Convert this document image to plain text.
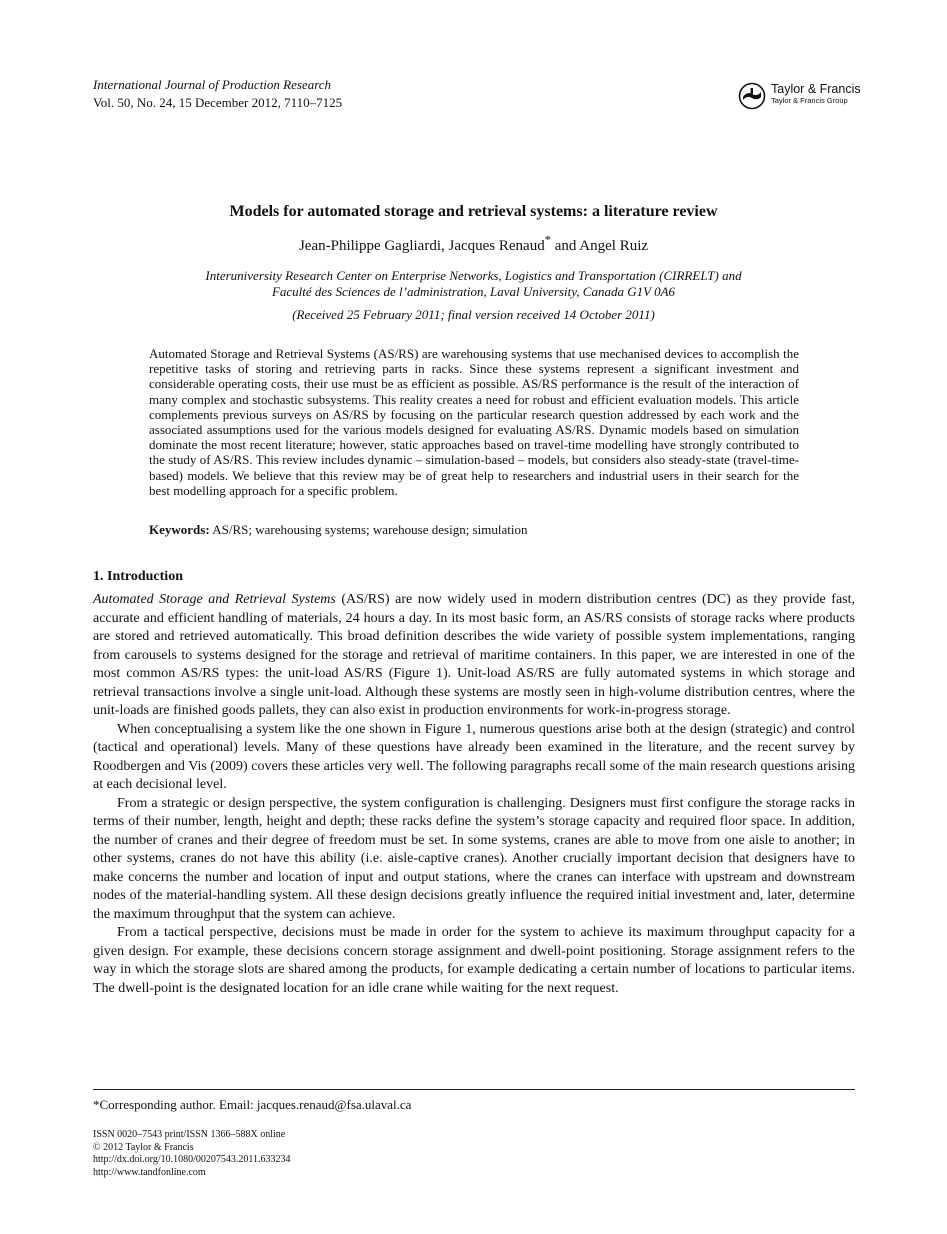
International Journal of Production Research
Vol. 50, No. 24, 15 December 2012, 7110–7125
Taylor & Francis
Taylor & Francis Group
Models for automated storage and retrieval systems: a literature review
Jean-Philippe Gagliardi, Jacques Renaud* and Angel Ruiz
Interuniversity Research Center on Enterprise Networks, Logistics and Transportation (CIRRELT) and
Faculté des Sciences de l’administration, Laval University, Canada G1V 0A6
(Received 25 February 2011; final version received 14 October 2011)
Automated Storage and Retrieval Systems (AS/RS) are warehousing systems that use mechanised devices to accomplish the repetitive tasks of storing and retrieving parts in racks. Since these systems represent a significant investment and considerable operating costs, their use must be as efficient as possible. AS/RS performance is the result of the interaction of many complex and stochastic subsystems. This reality creates a need for robust and efficient evaluation models. This article complements previous surveys on AS/RS by focusing on the particular research question addressed by each work and the associated assumptions used for the various models designed for evaluating AS/RS. Dynamic models based on simulation dominate the most recent literature; however, static approaches based on travel-time modelling have strongly contributed to the study of AS/RS. This review includes dynamic – simulation-based – models, but considers also steady-state (travel-time-based) models. We believe that this review may be of great help to researchers and industrial users in their search for the best modelling approach for a specific problem.
Keywords: AS/RS; warehousing systems; warehouse design; simulation
1. Introduction

Automated Storage and Retrieval Systems (AS/RS) are now widely used in modern distribution centres (DC) as they provide fast, accurate and efficient handling of materials, 24 hours a day. In its most basic form, an AS/RS consists of storage racks where products are stored and retrieved automatically. This broad definition describes the wide variety of possible system implementations, ranging from carousels to systems designed for the storage and retrieval of maritime containers. In this paper, we are interested in one of the most common AS/RS types: the unit-load AS/RS (Figure 1). Unit-load AS/RS are fully automated systems in which storage and retrieval transactions involve a single unit-load. Although these systems are mostly seen in high-volume distribution centres, where the unit-loads are finished goods pallets, they can also exist in production environments for work-in-progress storage.

When conceptualising a system like the one shown in Figure 1, numerous questions arise both at the design (strategic) and control (tactical and operational) levels. Many of these questions have already been examined in the literature, and the recent survey by Roodbergen and Vis (2009) covers these articles very well. The following paragraphs recall some of the main research questions arising at each decisional level.

From a strategic or design perspective, the system configuration is challenging. Designers must first configure the storage racks in terms of their number, length, height and depth; these racks define the system’s storage capacity and required floor space. In addition, the number of cranes and their degree of freedom must be set. In some systems, cranes are able to move from one aisle to another; in other systems, cranes do not have this ability (i.e. aisle-captive cranes). Another crucially important decision that designers have to make concerns the number and location of input and output stations, where the cranes can interface with upstream and downstream nodes of the material-handling system. All these design decisions greatly influence the required initial investment and, later, determine the maximum throughput that the system can achieve.

From a tactical perspective, decisions must be made in order for the system to achieve its maximum throughput capacity for a given design. For example, these decisions concern storage assignment and dwell-point positioning. Storage assignment refers to the way in which the storage slots are shared among the products, for example dedicating a certain number of locations to particular items. The dwell-point is the designated location for an idle crane while waiting for the next request.

*Corresponding author. Email: jacques.renaud@fsa.ulaval.ca
ISSN 0020–7543 print/ISSN 1366–588X online
© 2012 Taylor & Francis
http://dx.doi.org/10.1080/00207543.2011.633234
http://www.tandfonline.com
